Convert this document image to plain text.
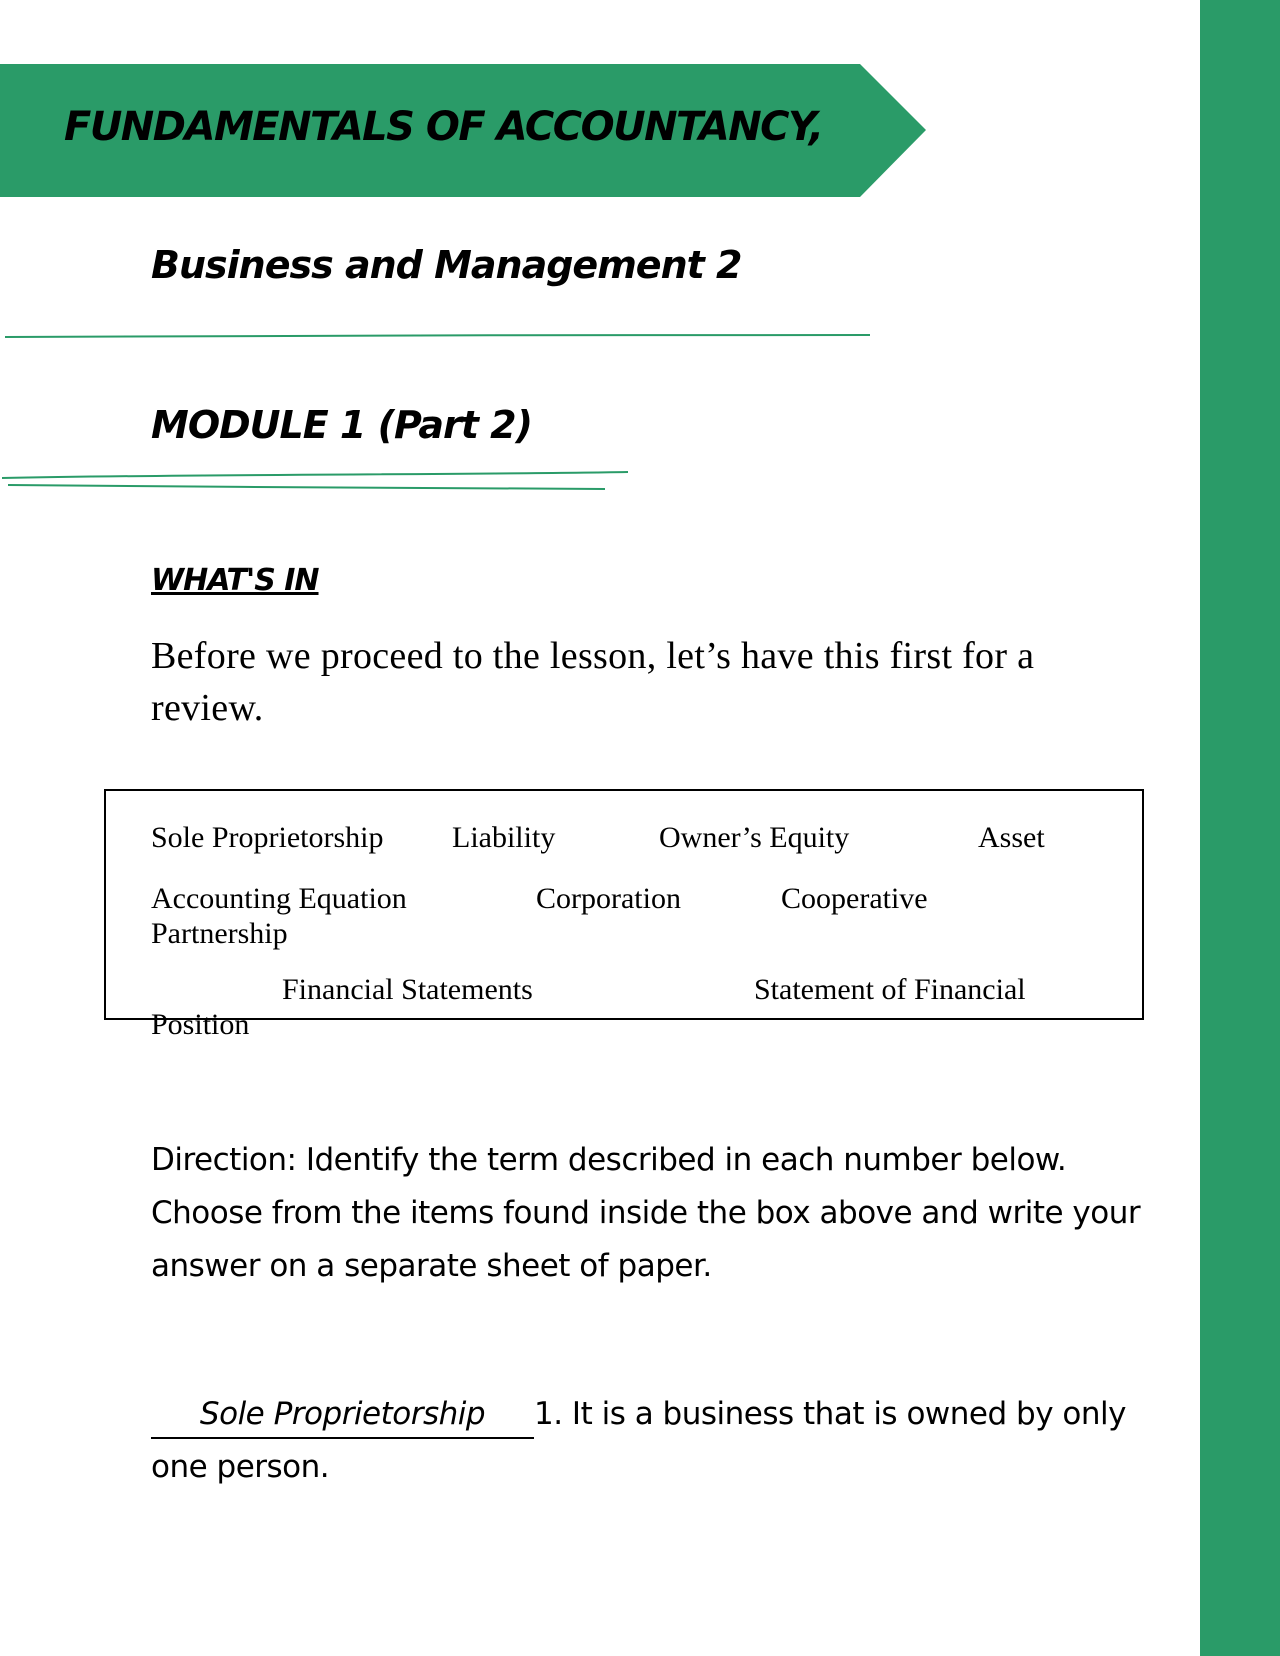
FUNDAMENTALS OF ACCOUNTANCY,
Business and Management 2
MODULE 1 (Part 2)
WHAT'S IN

Before we proceed to the lesson, let’s have this first for a review.

Sole Proprietorship Liability	Owner’s Equity	Asset
Accounting Equation	Corporation	Cooperative
Partnership
Financial Statements	Statement of Financial
Position

Direction: Identify the term described in each number below. Choose from the items found inside the box above and write your answer on a separate sheet of paper.

Sole Proprietorship 1. It is a business that is owned by only one person.
